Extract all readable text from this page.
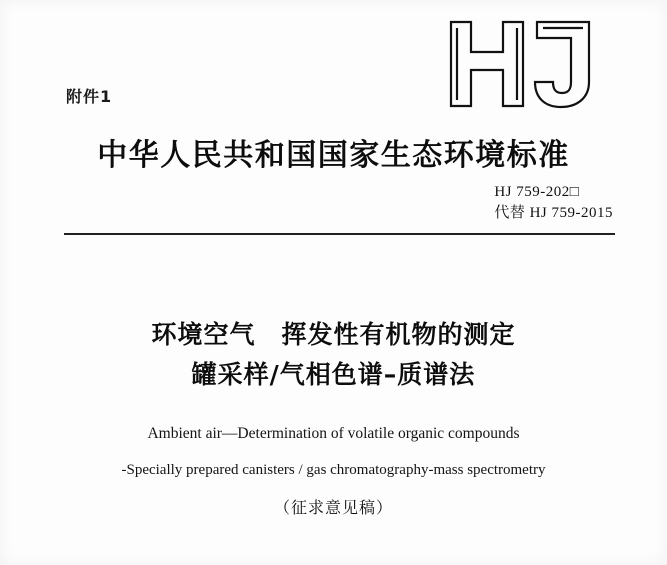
附件1
中华人民共和国国家生态环境标准
HJ 759-202□
代替 HJ 759-2015
环境空气　挥发性有机物的测定
罐采样/气相色谱–质谱法
Ambient air—Determination of volatile organic compounds
-Specially prepared canisters / gas chromatography-mass spectrometry
（征求意见稿）
